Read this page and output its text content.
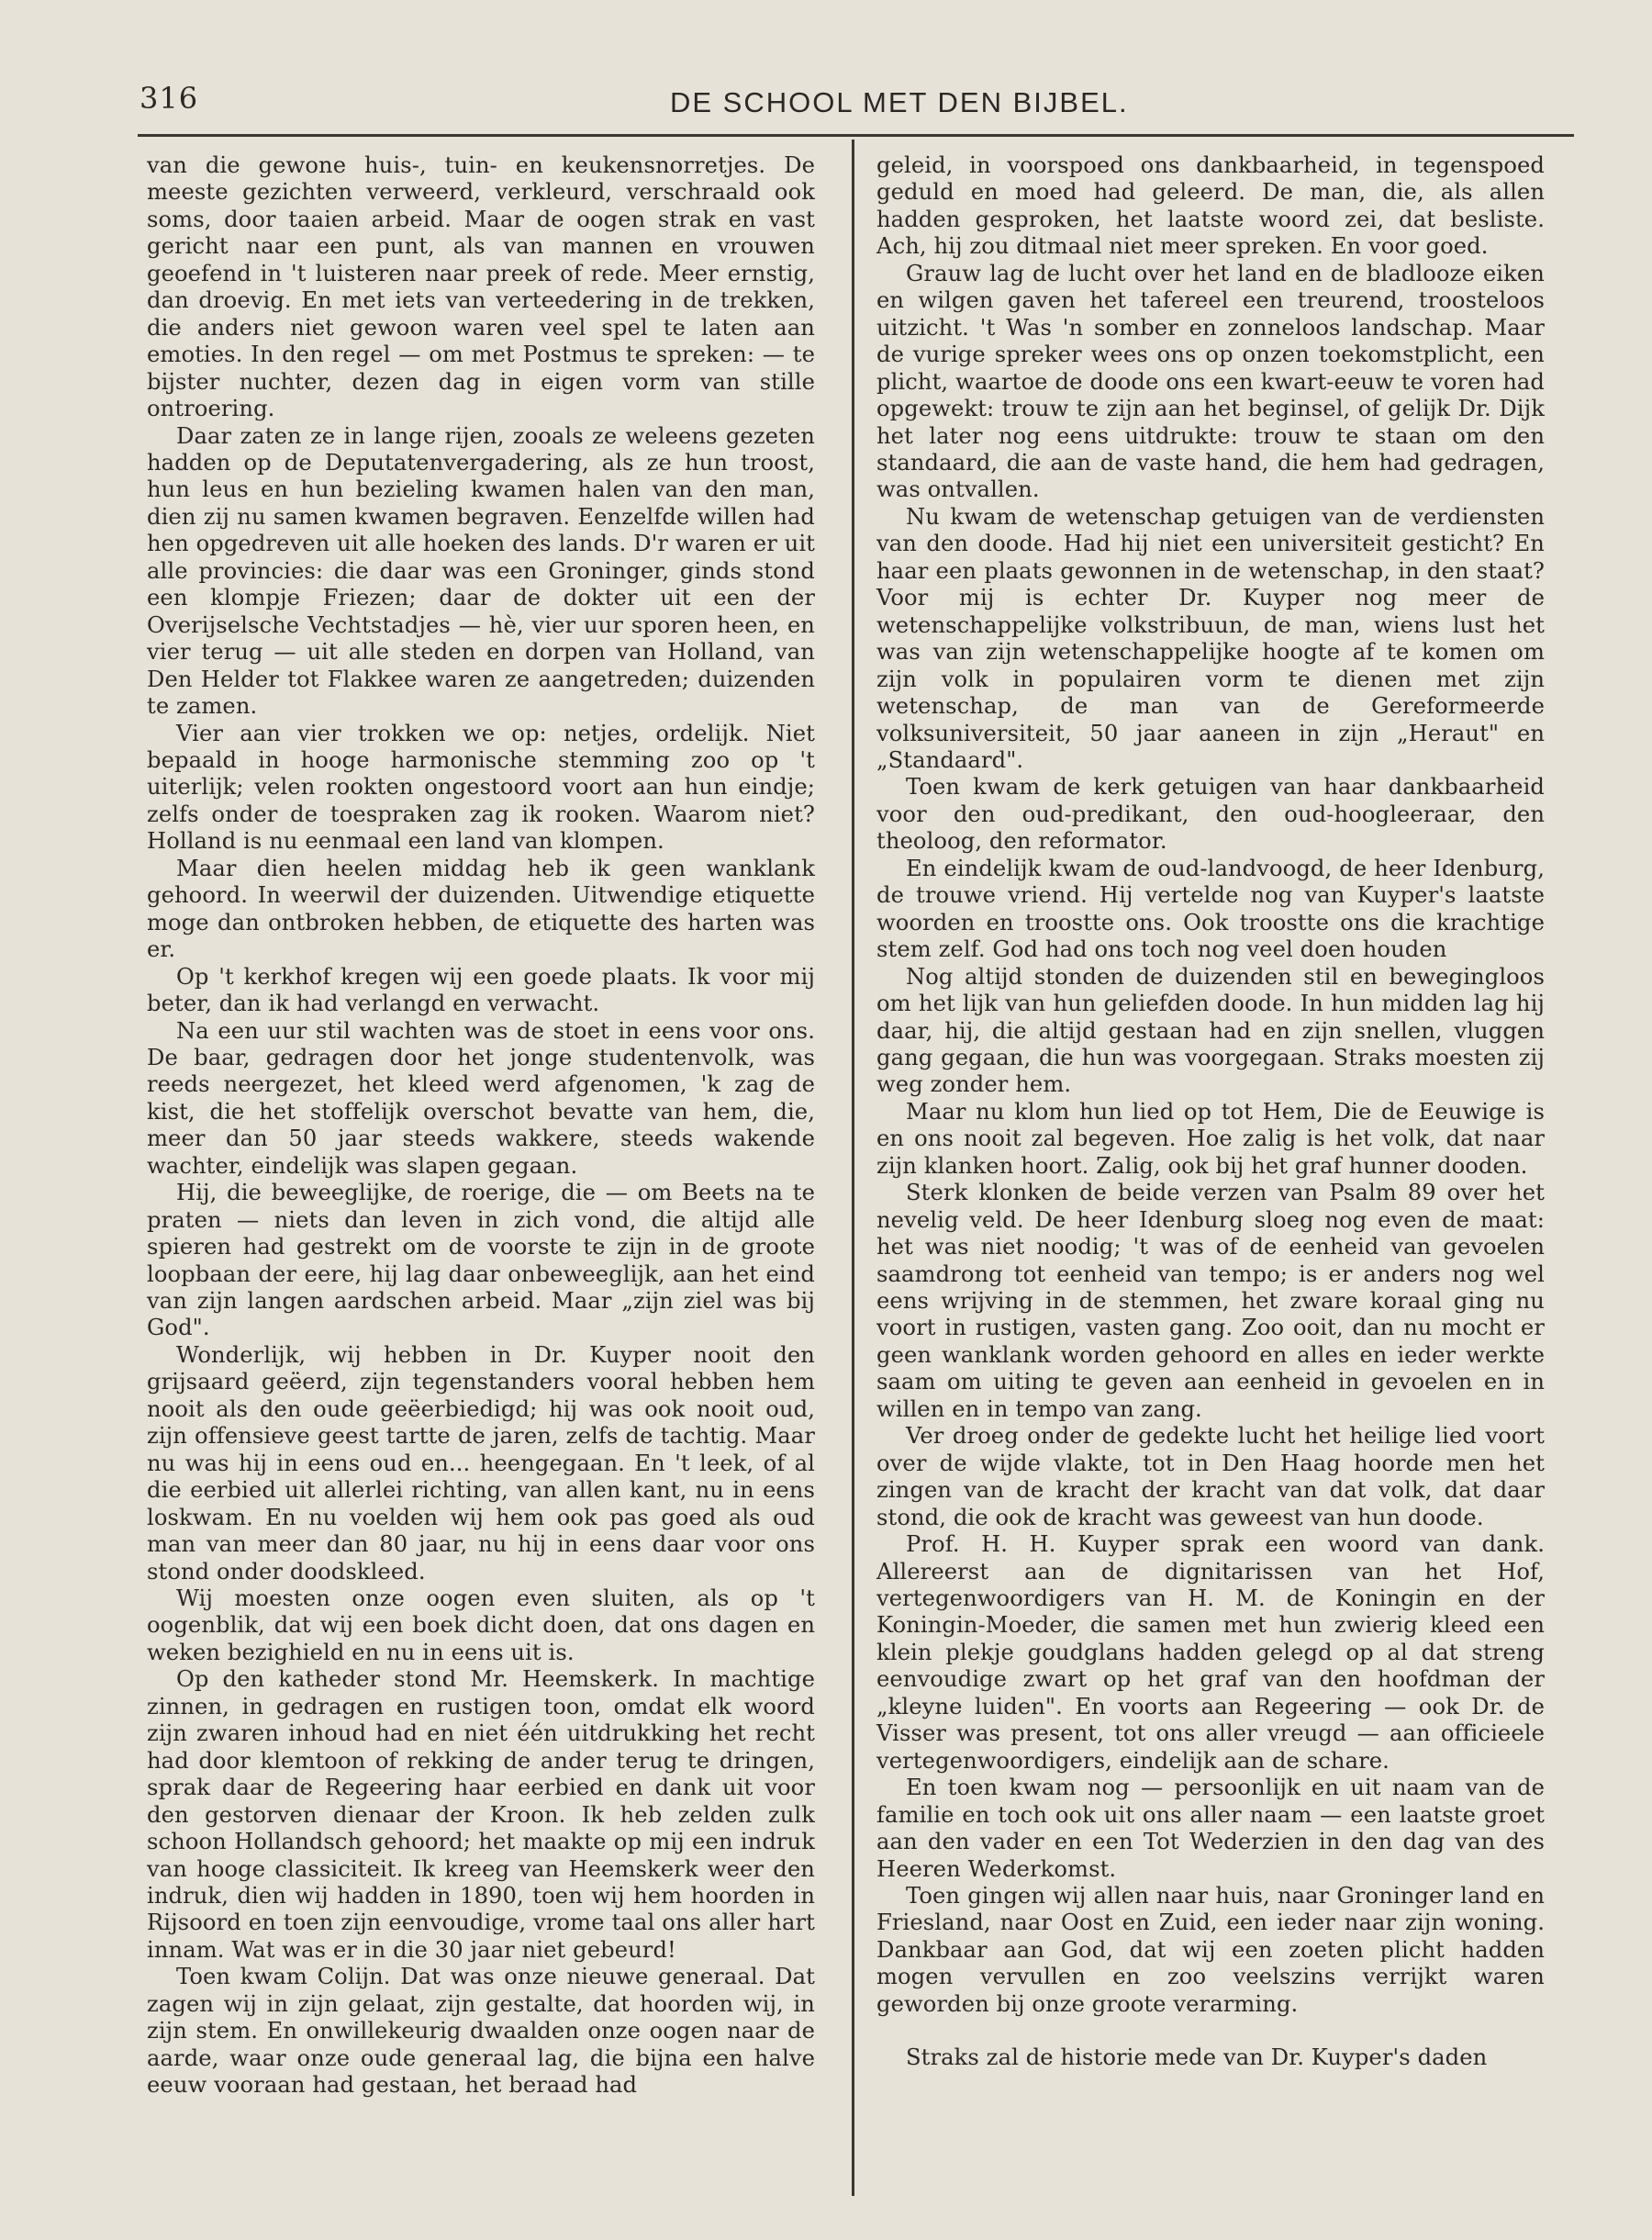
316	DE SCHOOL MET DEN BIJBEL.

van die gewone huis-, tuin- en keukensnorretjes. De meeste gezichten verweerd, verkleurd, verschraald ook soms, door taaien arbeid. Maar de oogen strak en vast gericht naar een punt, als van mannen en vrouwen geoefend in 't luisteren naar preek of rede. Meer ernstig, dan droevig. En met iets van verteedering in de trekken, die anders niet gewoon waren veel spel te laten aan emoties. In den regel — om met Postmus te spreken: — te bijster nuchter, dezen dag in eigen vorm van stille ontroering.

Daar zaten ze in lange rijen, zooals ze weleens gezeten hadden op de Deputatenvergadering, als ze hun troost, hun leus en hun bezieling kwamen halen van den man, dien zij nu samen kwamen begraven. Eenzelfde willen had hen opgedreven uit alle hoeken des lands. D'r waren er uit alle provincies: die daar was een Groninger, ginds stond een klompje Friezen; daar de dokter uit een der Overijselsche Vechtstadjes — hè, vier uur sporen heen, en vier terug — uit alle steden en dorpen van Holland, van Den Helder tot Flakkee waren ze aangetreden; duizenden te zamen.

Vier aan vier trokken we op: netjes, ordelijk. Niet bepaald in hooge harmonische stemming zoo op 't uiterlijk; velen rookten ongestoord voort aan hun eindje; zelfs onder de toespraken zag ik rooken. Waarom niet? Holland is nu eenmaal een land van klompen.

Maar dien heelen middag heb ik geen wanklank gehoord. In weerwil der duizenden. Uitwendige etiquette moge dan ontbroken hebben, de etiquette des harten was er.

Op 't kerkhof kregen wij een goede plaats. Ik voor mij beter, dan ik had verlangd en verwacht.

Na een uur stil wachten was de stoet in eens voor ons. De baar, gedragen door het jonge studentenvolk, was reeds neergezet, het kleed werd afgenomen, 'k zag de kist, die het stoffelijk overschot bevatte van hem, die, meer dan 50 jaar steeds wakkere, steeds wakende wachter, eindelijk was slapen gegaan.

Hij, die beweeglijke, de roerige, die — om Beets na te praten — niets dan leven in zich vond, die altijd alle spieren had gestrekt om de voorste te zijn in de groote loopbaan der eere, hij lag daar onbeweeglijk, aan het eind van zijn langen aardschen arbeid. Maar „zijn ziel was bij God".

Wonderlijk, wij hebben in Dr. Kuyper nooit den grijsaard geëerd, zijn tegenstanders vooral hebben hem nooit als den oude geëerbiedigd; hij was ook nooit oud, zijn offensieve geest tartte de jaren, zelfs de tachtig. Maar nu was hij in eens oud en... heengegaan. En 't leek, of al die eerbied uit allerlei richting, van allen kant, nu in eens loskwam. En nu voelden wij hem ook pas goed als oud man van meer dan 80 jaar, nu hij in eens daar voor ons stond onder doodskleed.

Wij moesten onze oogen even sluiten, als op 't oogenblik, dat wij een boek dicht doen, dat ons dagen en weken bezighield en nu in eens uit is.

Op den katheder stond Mr. Heemskerk. In machtige zinnen, in gedragen en rustigen toon, omdat elk woord zijn zwaren inhoud had en niet één uitdrukking het recht had door klemtoon of rekking de ander terug te dringen, sprak daar de Regeering haar eerbied en dank uit voor den gestorven dienaar der Kroon. Ik heb zelden zulk schoon Hollandsch gehoord; het maakte op mij een indruk van hooge classiciteit. Ik kreeg van Heemskerk weer den indruk, dien wij hadden in 1890, toen wij hem hoorden in Rijsoord en toen zijn eenvoudige, vrome taal ons aller hart innam. Wat was er in die 30 jaar niet gebeurd!

Toen kwam Colijn. Dat was onze nieuwe generaal. Dat zagen wij in zijn gelaat, zijn gestalte, dat hoorden wij, in zijn stem. En onwillekeurig dwaalden onze oogen naar de aarde, waar onze oude generaal lag, die bijna een halve eeuw vooraan had gestaan, het beraad had

geleid, in voorspoed ons dankbaarheid, in tegenspoed geduld en moed had geleerd. De man, die, als allen hadden gesproken, het laatste woord zei, dat besliste. Ach, hij zou ditmaal niet meer spreken. En voor goed.

Grauw lag de lucht over het land en de bladlooze eiken en wilgen gaven het tafereel een treurend, troosteloos uitzicht. 't Was 'n somber en zonneloos landschap. Maar de vurige spreker wees ons op onzen toekomstplicht, een plicht, waartoe de doode ons een kwart-eeuw te voren had opgewekt: trouw te zijn aan het beginsel, of gelijk Dr. Dijk het later nog eens uitdrukte: trouw te staan om den standaard, die aan de vaste hand, die hem had gedragen, was ontvallen.

Nu kwam de wetenschap getuigen van de verdiensten van den doode. Had hij niet een universiteit gesticht? En haar een plaats gewonnen in de wetenschap, in den staat? Voor mij is echter Dr. Kuyper nog meer de wetenschappelijke volkstribuun, de man, wiens lust het was van zijn wetenschappelijke hoogte af te komen om zijn volk in populairen vorm te dienen met zijn wetenschap, de man van de Gereformeerde volksuniversiteit, 50 jaar aaneen in zijn „Heraut" en „Standaard".

Toen kwam de kerk getuigen van haar dankbaarheid voor den oud-predikant, den oud-hoogleeraar, den theoloog, den reformator.

En eindelijk kwam de oud-landvoogd, de heer Idenburg, de trouwe vriend. Hij vertelde nog van Kuyper's laatste woorden en troostte ons. Ook troostte ons die krachtige stem zelf. God had ons toch nog veel doen houden

Nog altijd stonden de duizenden stil en bewegingloos om het lijk van hun geliefden doode. In hun midden lag hij daar, hij, die altijd gestaan had en zijn snellen, vluggen gang gegaan, die hun was voorgegaan. Straks moesten zij weg zonder hem.

Maar nu klom hun lied op tot Hem, Die de Eeuwige is en ons nooit zal begeven. Hoe zalig is het volk, dat naar zijn klanken hoort. Zalig, ook bij het graf hunner dooden.

Sterk klonken de beide verzen van Psalm 89 over het nevelig veld. De heer Idenburg sloeg nog even de maat: het was niet noodig; 't was of de eenheid van gevoelen saamdrong tot eenheid van tempo; is er anders nog wel eens wrijving in de stemmen, het zware koraal ging nu voort in rustigen, vasten gang. Zoo ooit, dan nu mocht er geen wanklank worden gehoord en alles en ieder werkte saam om uiting te geven aan eenheid in gevoelen en in willen en in tempo van zang.

Ver droeg onder de gedekte lucht het heilige lied voort over de wijde vlakte, tot in Den Haag hoorde men het zingen van de kracht der kracht van dat volk, dat daar stond, die ook de kracht was geweest van hun doode.

Prof. H. H. Kuyper sprak een woord van dank. Allereerst aan de dignitarissen van het Hof, vertegenwoordigers van H. M. de Koningin en der Koningin-Moeder, die samen met hun zwierig kleed een klein plekje goudglans hadden gelegd op al dat streng eenvoudige zwart op het graf van den hoofdman der „kleyne luiden". En voorts aan Regeering — ook Dr. de Visser was present, tot ons aller vreugd — aan officieele vertegenwoordigers, eindelijk aan de schare.

En toen kwam nog — persoonlijk en uit naam van de familie en toch ook uit ons aller naam — een laatste groet aan den vader en een Tot Wederzien in den dag van des Heeren Wederkomst.

Toen gingen wij allen naar huis, naar Groninger land en Friesland, naar Oost en Zuid, een ieder naar zijn woning. Dankbaar aan God, dat wij een zoeten plicht hadden mogen vervullen en zoo veelszins verrijkt waren geworden bij onze groote verarming.

Straks zal de historie mede van Dr. Kuyper's daden
